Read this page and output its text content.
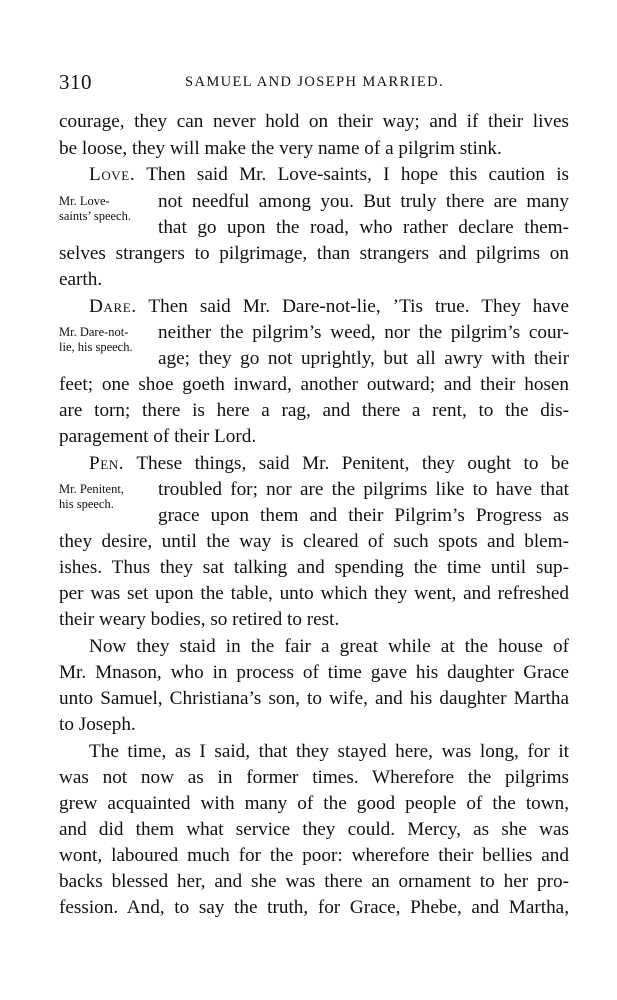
310	SAMUEL AND JOSEPH MARRIED.
courage, they can never hold on their way; and if their lives
be loose, they will make the very name of a pilgrim stink.
Love. Then said Mr. Love-saints, I hope this caution is
not needful among you. But truly there are many
that go upon the road, who rather declare them-
selves strangers to pilgrimage, than strangers and pilgrims on
earth.
Dare. Then said Mr. Dare-not-lie, ’Tis true. They have
neither the pilgrim’s weed, nor the pilgrim’s cour-
age; they go not uprightly, but all awry with their
feet; one shoe goeth inward, another outward; and their hosen
are torn; there is here a rag, and there a rent, to the dis-
paragement of their Lord.
Pen. These things, said Mr. Penitent, they ought to be
troubled for; nor are the pilgrims like to have that
grace upon them and their Pilgrim’s Progress as
they desire, until the way is cleared of such spots and blem-
ishes. Thus they sat talking and spending the time until sup-
per was set upon the table, unto which they went, and refreshed
their weary bodies, so retired to rest.
Now they staid in the fair a great while at the house of
Mr. Mnason, who in process of time gave his daughter Grace
unto Samuel, Christiana’s son, to wife, and his daughter Martha
to Joseph.
The time, as I said, that they stayed here, was long, for it
was not now as in former times. Wherefore the pilgrims
grew acquainted with many of the good people of the town,
and did them what service they could. Mercy, as she was
wont, laboured much for the poor: wherefore their bellies and
backs blessed her, and she was there an ornament to her pro-
fession. And, to say the truth, for Grace, Phebe, and Martha,
Mr. Love-
saints’ speech.
Mr. Dare-not-
lie, his speech.
Mr. Penitent,
his speech.
